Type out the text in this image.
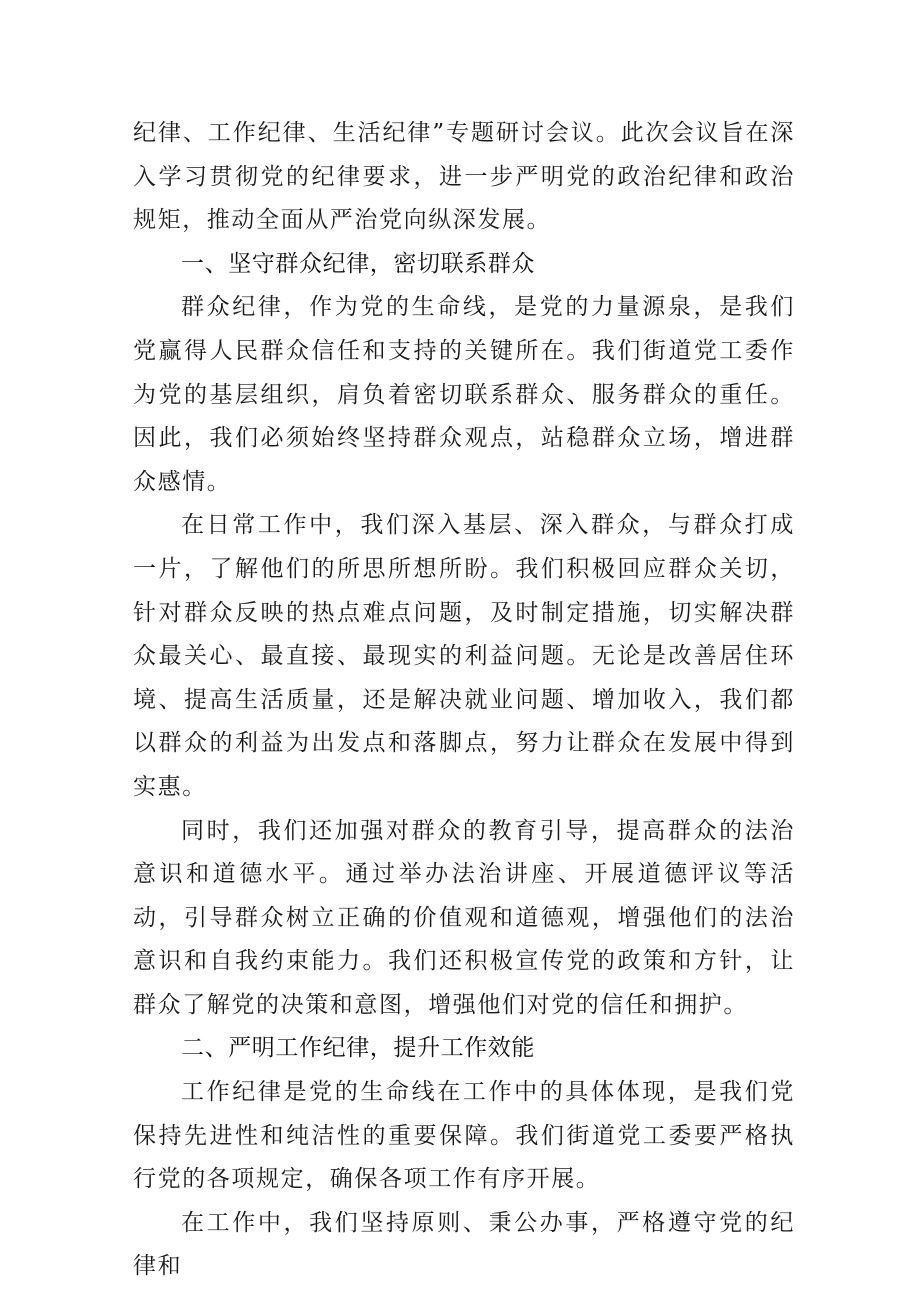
纪律、工作纪律、生活纪律”专题研讨会议。此次会议旨在深入学习贯彻党的纪律要求，进一步严明党的政治纪律和政治规矩，推动全面从严治党向纵深发展。

一、坚守群众纪律，密切联系群众

群众纪律，作为党的生命线，是党的力量源泉，是我们党赢得人民群众信任和支持的关键所在。我们街道党工委作为党的基层组织，肩负着密切联系群众、服务群众的重任。因此，我们必须始终坚持群众观点，站稳群众立场，增进群众感情。

在日常工作中，我们深入基层、深入群众，与群众打成一片，了解他们的所思所想所盼。我们积极回应群众关切，针对群众反映的热点难点问题，及时制定措施，切实解决群众最关心、最直接、最现实的利益问题。无论是改善居住环境、提高生活质量，还是解决就业问题、增加收入，我们都以群众的利益为出发点和落脚点，努力让群众在发展中得到实惠。

同时，我们还加强对群众的教育引导，提高群众的法治意识和道德水平。通过举办法治讲座、开展道德评议等活动，引导群众树立正确的价值观和道德观，增强他们的法治意识和自我约束能力。我们还积极宣传党的政策和方针，让群众了解党的决策和意图，增强他们对党的信任和拥护。

二、严明工作纪律，提升工作效能

工作纪律是党的生命线在工作中的具体体现，是我们党保持先进性和纯洁性的重要保障。我们街道党工委要严格执行党的各项规定，确保各项工作有序开展。

在工作中，我们坚持原则、秉公办事，严格遵守党的纪律和
